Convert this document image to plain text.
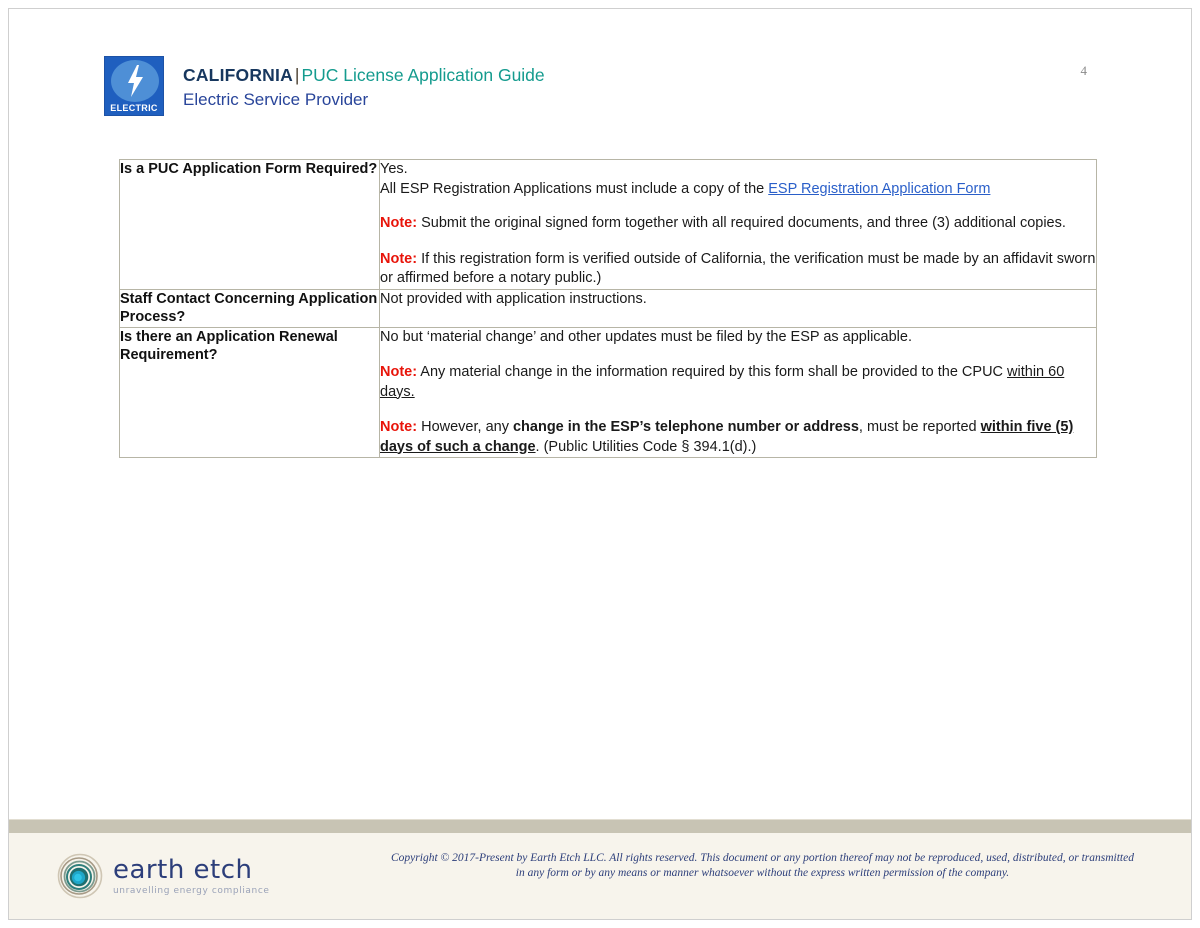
ELECTRIC
CALIFORNIA | PUC License Application Guide
Electric Service Provider
4
Is a PUC Application Form Required?	Yes.
All ESP Registration Applications must include a copy of the ESP Registration Application Form

Note: Submit the original signed form together with all required documents, and three (3) additional copies.

Note: If this registration form is verified outside of California, the verification must be made by an affidavit sworn or affirmed before a notary public.)

Staff Contact Concerning Application Process?	Not provided with application instructions.

Is there an Application Renewal Requirement?	No but ‘material change’ and other updates must be filed by the ESP as applicable.

Note: Any material change in the information required by this form shall be provided to the CPUC within 60 days.

Note: However, any change in the ESP’s telephone number or address, must be reported within five (5) days of such a change. (Public Utilities Code § 394.1(d).)

earth etch
unravelling energy compliance
Copyright © 2017-Present by Earth Etch LLC. All rights reserved. This document or any portion thereof may not be reproduced, used, distributed, or transmitted in any form or by any means or manner whatsoever without the express written permission of the company.
